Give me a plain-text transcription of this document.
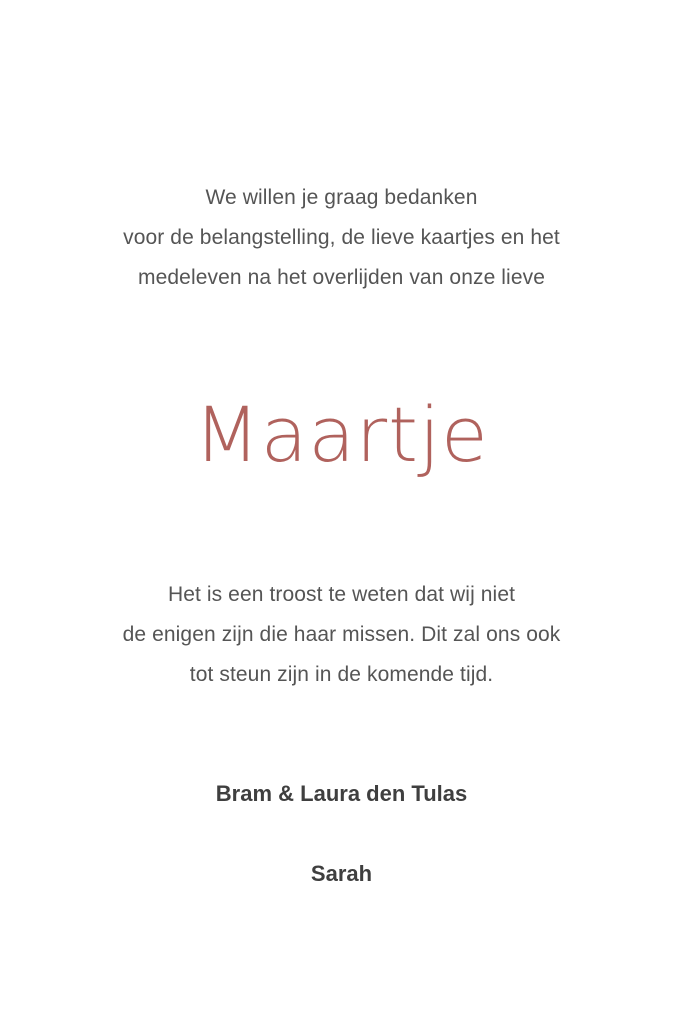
We willen je graag bedanken
voor de belangstelling, de lieve kaartjes en het
medeleven na het overlijden van onze lieve
Maartje
Het is een troost te weten dat wij niet
de enigen zijn die haar missen. Dit zal ons ook
tot steun zijn in de komende tijd.
Bram & Laura den Tulas
Sarah
